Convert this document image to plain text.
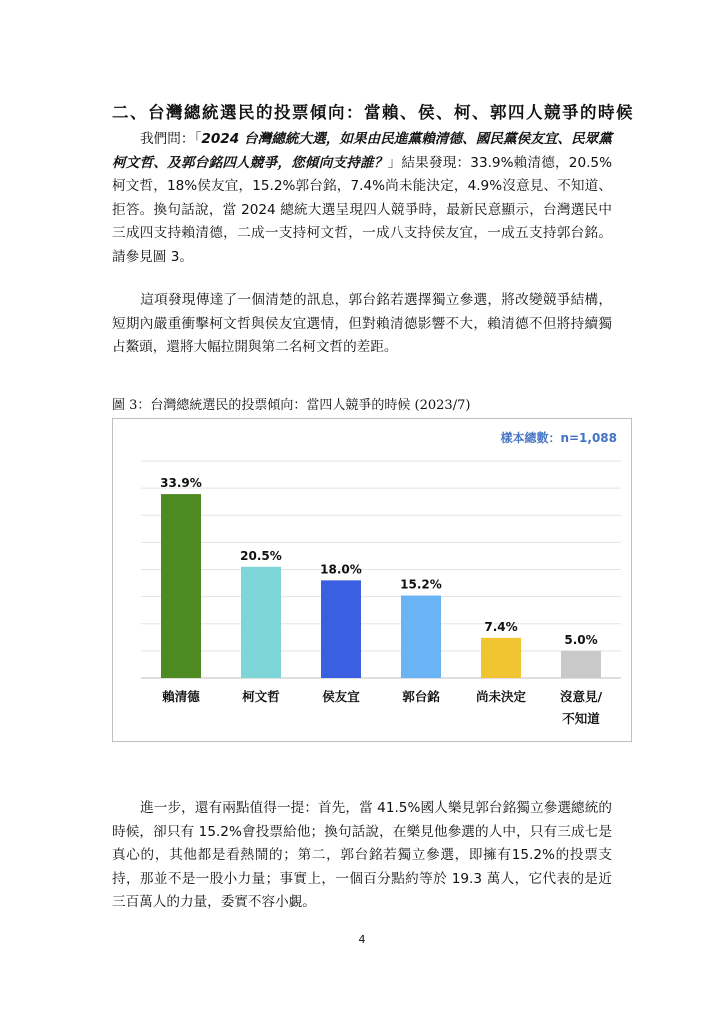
二、台灣總統選民的投票傾向：當賴、侯、柯、郭四人競爭的時候

我們問：「2024 台灣總統大選，如果由民進黨賴清德、國民黨侯友宜、民眾黨柯文哲、及郭台銘四人競爭，您傾向支持誰？」結果發現：33.9%賴清德，20.5%柯文哲，18%侯友宜，15.2%郭台銘，7.4%尚未能決定，4.9%沒意見、不知道、拒答。換句話說，當 2024 總統大選呈現四人競爭時，最新民意顯示，台灣選民中三成四支持賴清德，二成一支持柯文哲，一成八支持侯友宜，一成五支持郭台銘。請參見圖 3。

這項發現傳達了一個清楚的訊息，郭台銘若選擇獨立參選，將改變競爭結構，短期內嚴重衝擊柯文哲與侯友宜選情，但對賴清德影響不大，賴清德不但將持續獨占鰲頭，還將大幅拉開與第二名柯文哲的差距。

圖 3：台灣總統選民的投票傾向：當四人競爭的時候 (2023/7)
樣本總數：n=1,088
33.9%
賴清德
20.5%
柯文哲
18.0%
侯友宜
15.2%
郭台銘
7.4%
尚未決定
5.0%
沒意見/
不知道

進一步，還有兩點值得一提：首先，當 41.5%國人樂見郭台銘獨立參選總統的時候，卻只有 15.2%會投票給他；換句話說，在樂見他參選的人中，只有三成七是真心的，其他都是看熱鬧的；第二，郭台銘若獨立參選，即擁有15.2%的投票支持，那並不是一股小力量；事實上，一個百分點約等於 19.3 萬人，它代表的是近三百萬人的力量，委實不容小覷。

4
